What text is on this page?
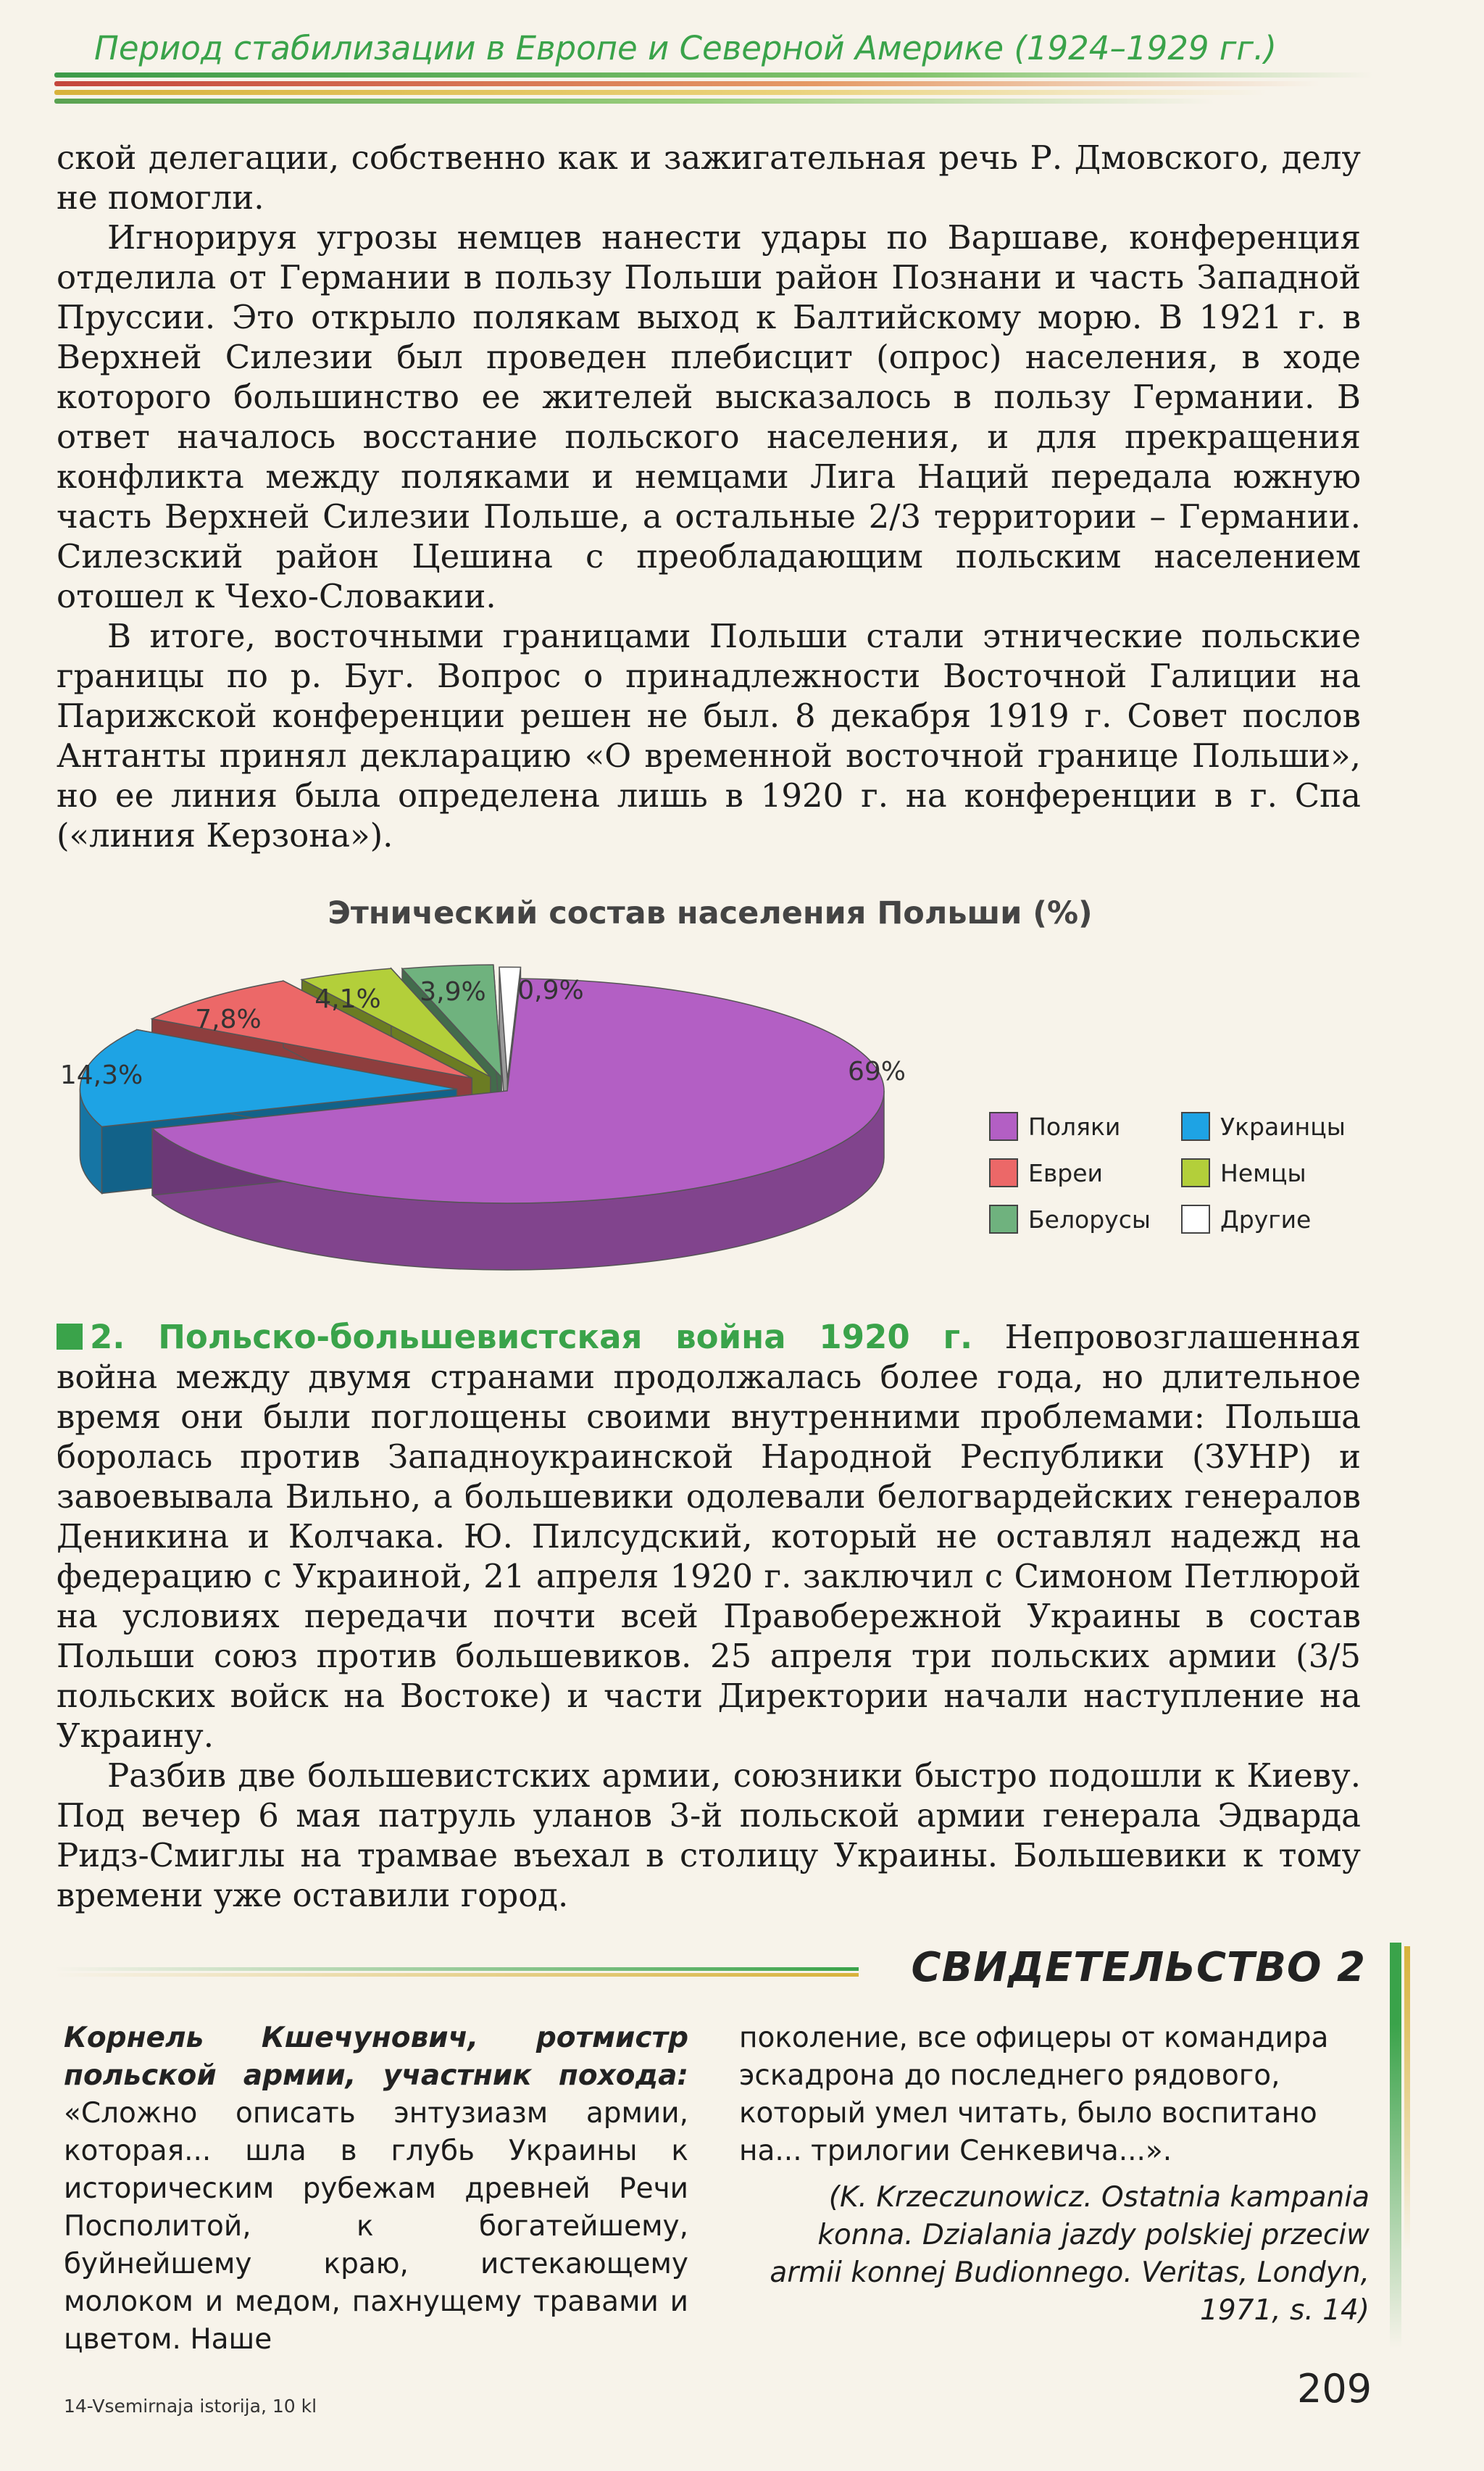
Период стабилизации в Европе и Северной Америке (1924–1929 гг.)

ской делегации, собственно как и зажигательная речь Р. Дмовского, делу не помогли.

Игнорируя угрозы немцев нанести удары по Варшаве, конференция отделила от Германии в пользу Польши район Познани и часть Западной Пруссии. Это открыло полякам выход к Балтийскому морю. В 1921 г. в Верхней Силезии был проведен плебисцит (опрос) населения, в ходе которого большинство ее жителей высказалось в пользу Германии. В ответ началось восстание польского населения, и для прекращения конфликта между поляками и немцами Лига Наций передала южную часть Верхней Силезии Польше, а остальные 2/3 территории – Германии. Силезский район Цешина с преобладающим польским населением отошел к Чехо-Словакии.

В итоге, восточными границами Польши стали этнические польские границы по р. Буг. Вопрос о принадлежности Восточной Галиции на Парижской конференции решен не был. 8 декабря 1919 г. Совет послов Антанты принял декларацию «О временной восточной границе Польши», но ее линия была определена лишь в 1920 г. на конференции в г. Спа («линия Керзона»).

Этнический состав населения Польши (%)
69%
14,3%
7,8%
4,1% 3,9% 0,9%
Поляки	Украинцы
Евреи	Немцы
Белорусы	Другие

2. Польско-большевистская война 1920 г. Непровозглашенная война между двумя странами продолжалась более года, но длительное время они были поглощены своими внутренними проблемами: Польша боролась против Западноукраинской Народной Республики (ЗУНР) и завоевывала Вильно, а большевики одолевали белогвардейских генералов Деникина и Колчака. Ю. Пилсудский, который не оставлял надежд на федерацию с Украиной, 21 апреля 1920 г. заключил с Симоном Петлюрой на условиях передачи почти всей Правобережной Украины в состав Польши союз против большевиков. 25 апреля три польских армии (3/5 польских войск на Востоке) и части Директории начали наступление на Украину.

Разбив две большевистских армии, союзники быстро подошли к Киеву. Под вечер 6 мая патруль уланов 3-й польской армии генерала Эдварда Ридз-Смиглы на трамвае въехал в столицу Украины. Большевики к тому времени уже оставили город.

СВИДЕТЕЛЬСТВО 2
Корнель Кшечунович, ротмистр польской армии, участник похода: «Сложно описать энтузиазм армии, которая... шла в глубь Украины к историческим рубежам древней Речи Посполитой, к богатейшему, буйнейшему краю, истекающему молоком и медом, пахнущему травами и цветом. Наше
поколение, все офицеры от командира эскадрона до последнего рядового, который умел читать, было воспитано на... трилогии Сенкевича...».
(K. Krzeczunowicz. Ostatnia kampania konna. Dzialania jazdy polskiej przeciw armii konnej Budionnego. Veritas, Londyn, 1971, s. 14)
14-Vsemirnaja istorija, 10 kl	209
